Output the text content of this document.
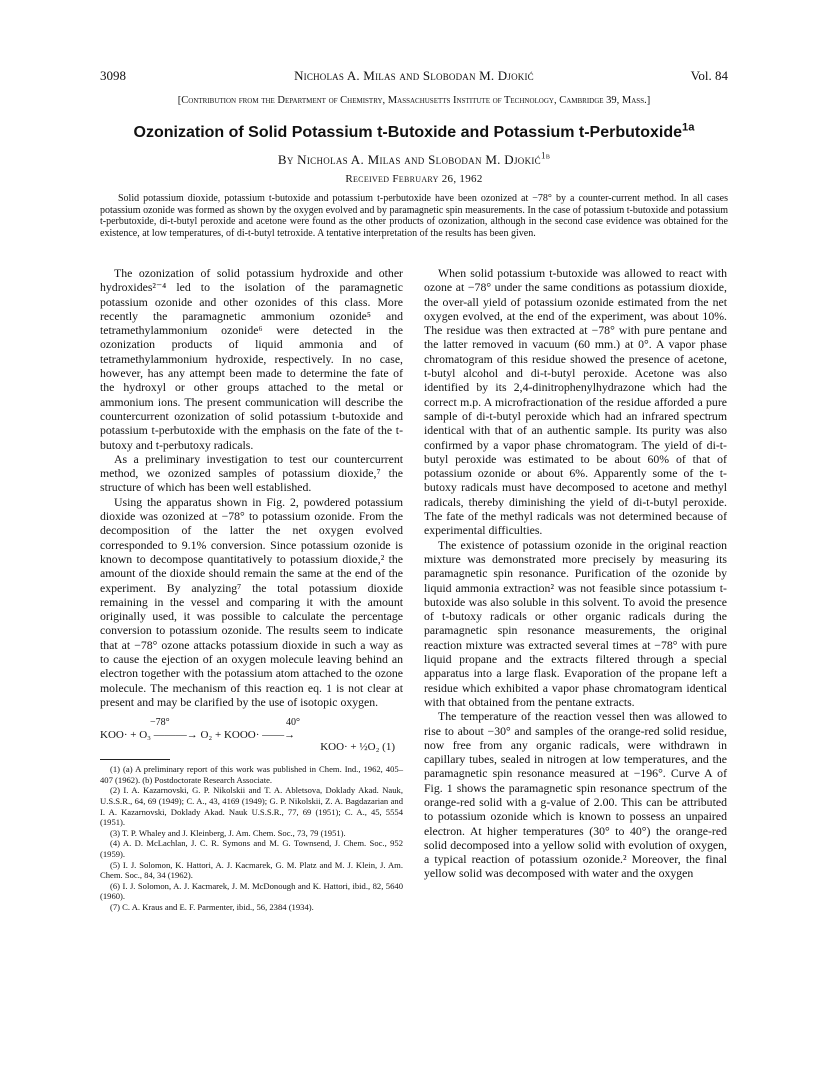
3098	Nicholas A. Milas and Slobodan M. Djokić	Vol. 84
[Contribution from the Department of Chemistry, Massachusetts Institute of Technology, Cambridge 39, Mass.]
Ozonization of Solid Potassium t-Butoxide and Potassium t-Perbutoxide$^{1a}$
By Nicholas A. Milas and Slobodan M. Djokić$^{1b}$
Received February 26, 1962

Solid potassium dioxide, potassium t-butoxide and potassium t-perbutoxide have been ozonized at −78° by a counter-current method. In all cases potassium ozonide was formed as shown by the oxygen evolved and by paramagnetic spin measurements. In the case of potassium t-butoxide and potassium t-perbutoxide, di-t-butyl peroxide and acetone were found as the other products of ozonization, although in the second case evidence was obtained for the existence, at low temperatures, of di-t-butyl tetroxide. A tentative interpretation of the results has been given.

The ozonization of solid potassium hydroxide and other hydroxides²⁻⁴ led to the isolation of the paramagnetic potassium ozonide and other ozonides of this class. More recently the paramagnetic ammonium ozonide⁵ and tetramethylammonium ozonide⁶ were detected in the ozonization products of liquid ammonia and of tetramethylammonium hydroxide, respectively. In no case, however, has any attempt been made to determine the fate of the hydroxyl or other groups attached to the metal or ammonium ions. The present communication will describe the countercurrent ozonization of solid potassium t-butoxide and potassium t-perbutoxide with the emphasis on the fate of the t-butoxy and t-perbutoxy radicals.

As a preliminary investigation to test our countercurrent method, we ozonized samples of potassium dioxide,⁷ the structure of which has been well established.

Using the apparatus shown in Fig. 2, powdered potassium dioxide was ozonized at −78° to potassium ozonide. From the decomposition of the latter the net oxygen evolved corresponded to 9.1% conversion. Since potassium ozonide is known to decompose quantitatively to potassium dioxide,² the amount of the dioxide should remain the same at the end of the experiment. By analyzing⁷ the total potassium dioxide remaining in the vessel and comparing it with the amount originally used, it was possible to calculate the percentage conversion to potassium ozonide. The results seem to indicate that at −78° ozone attacks potassium dioxide in such a way as to cause the ejection of an oxygen molecule leaving behind an electron together with the potassium atom attached to the ozone molecule. The mechanism of this reaction eq. 1 is not clear at present and may be clarified by the use of isotopic oxygen.

−78°	40°
KOO· + O₃ ———→ O₂ + KOOO· ——→
KOO· + ½O₂ (1)

(1) (a) A preliminary report of this work was published in Chem. Ind., 1962, 405–407 (1962). (b) Postdoctorate Research Associate.

(2) I. A. Kazarnovski, G. P. Nikolskii and T. A. Abletsova, Doklady Akad. Nauk, U.S.S.R., 64, 69 (1949); C. A., 43, 4169 (1949); G. P. Nikolskii, Z. A. Bagdazarian and I. A. Kazarnovski, Doklady Akad. Nauk U.S.S.R., 77, 69 (1951); C. A., 45, 5554 (1951).

(3) T. P. Whaley and J. Kleinberg, J. Am. Chem. Soc., 73, 79 (1951).

(4) A. D. McLachlan, J. C. R. Symons and M. G. Townsend, J. Chem. Soc., 952 (1959).

(5) I. J. Solomon, K. Hattori, A. J. Kacmarek, G. M. Platz and M. J. Klein, J. Am. Chem. Soc., 84, 34 (1962).

(6) I. J. Solomon, A. J. Kacmarek, J. M. McDonough and K. Hattori, ibid., 82, 5640 (1960).

(7) C. A. Kraus and E. F. Parmenter, ibid., 56, 2384 (1934).

When solid potassium t-butoxide was allowed to react with ozone at −78° under the same conditions as potassium dioxide, the over-all yield of potassium ozonide estimated from the net oxygen evolved, at the end of the experiment, was about 10%. The residue was then extracted at −78° with pure pentane and the latter removed in vacuum (60 mm.) at 0°. A vapor phase chromatogram of this residue showed the presence of acetone, t-butyl alcohol and di-t-butyl peroxide. Acetone was also identified by its 2,4-dinitrophenylhydrazone which had the correct m.p. A microfractionation of the residue afforded a pure sample of di-t-butyl peroxide which had an infrared spectrum identical with that of an authentic sample. Its purity was also confirmed by a vapor phase chromatogram. The yield of di-t-butyl peroxide was estimated to be about 60% of that of potassium ozonide or about 6%. Apparently some of the t-butoxy radicals must have decomposed to acetone and methyl radicals, thereby diminishing the yield of di-t-butyl peroxide. The fate of the methyl radicals was not determined because of experimental difficulties.

The existence of potassium ozonide in the original reaction mixture was demonstrated more precisely by measuring its paramagnetic spin resonance. Purification of the ozonide by liquid ammonia extraction² was not feasible since potassium t-butoxide was also soluble in this solvent. To avoid the presence of t-butoxy radicals or other organic radicals during the paramagnetic spin resonance measurements, the original reaction mixture was extracted several times at −78° with pure liquid propane and the extracts filtered through a special apparatus into a large flask. Evaporation of the propane left a residue which exhibited a vapor phase chromatogram identical with that obtained from the pentane extracts.

The temperature of the reaction vessel then was allowed to rise to about −30° and samples of the orange-red solid residue, now free from any organic radicals, were withdrawn in capillary tubes, sealed in nitrogen at low temperatures, and the paramagnetic spin resonance measured at −196°. Curve A of Fig. 1 shows the paramagnetic spin resonance spectrum of the orange-red solid with a g-value of 2.00. This can be attributed to potassium ozonide which is known to possess an unpaired electron. At higher temperatures (30° to 40°) the orange-red solid decomposed into a yellow solid with evolution of oxygen, a typical reaction of potassium ozonide.² Moreover, the final yellow solid was decomposed with water and the oxygen
